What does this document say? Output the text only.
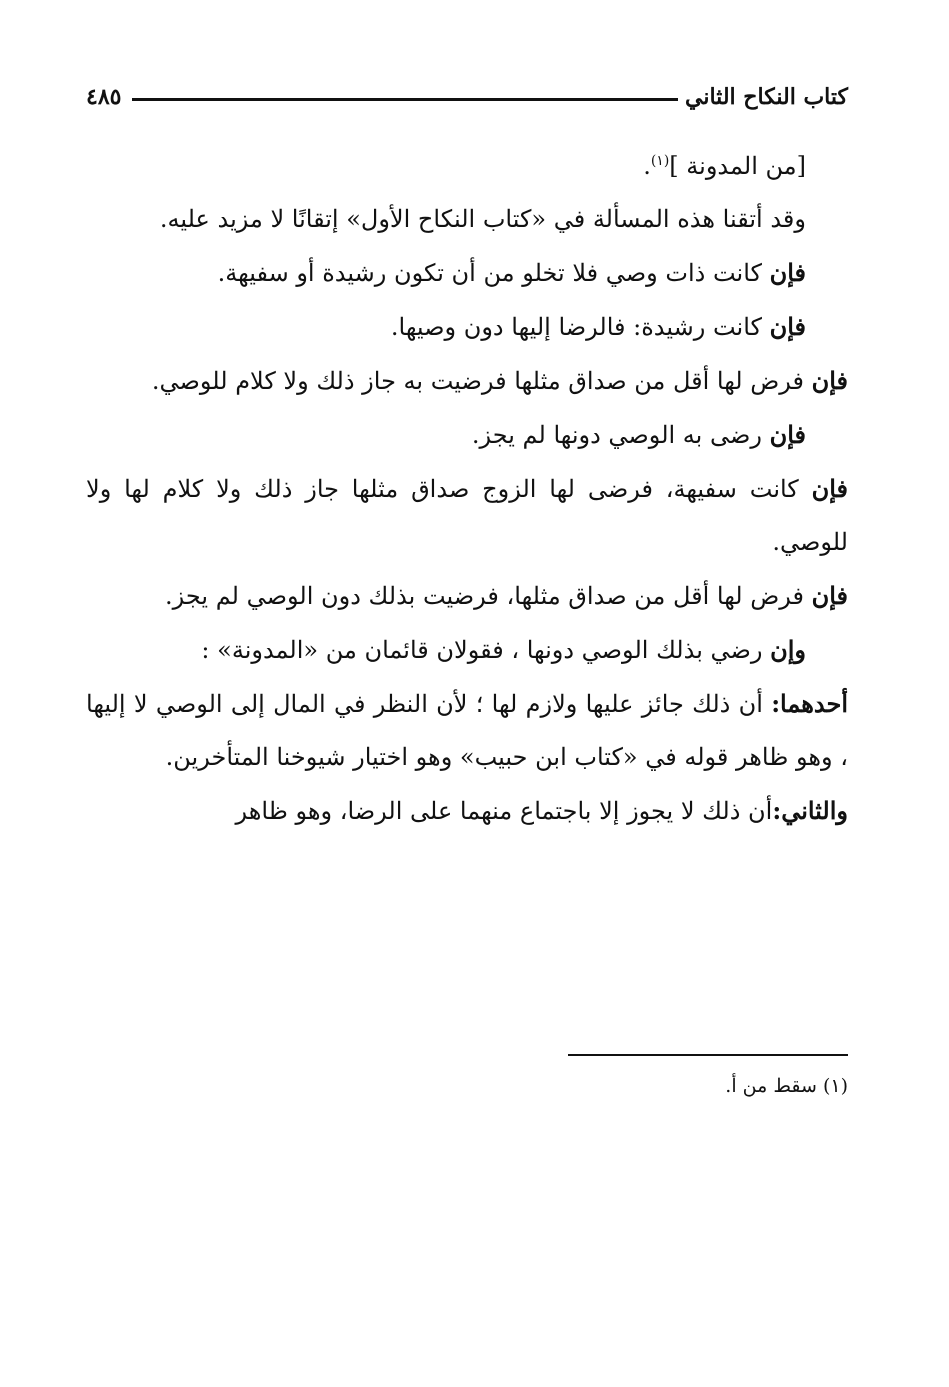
كتاب النكاح الثاني
٤٨٥

[من المدونة ]$^{(١)}$.

وقد أتقنا هذه المسألة في «كتاب النكاح الأول» إتقانًا لا مزيد عليه.

فإن كانت ذات وصي فلا تخلو من أن تكون رشيدة أو سفيهة.

فإن كانت رشيدة: فالرضا إليها دون وصيها.

فإن فرض لها أقل من صداق مثلها فرضيت به جاز ذلك ولا كلام للوصي.

فإن رضى به الوصي دونها لم يجز.

فإن كانت سفيهة، فرضى لها الزوج صداق مثلها جاز ذلك ولا كلام لها ولا للوصي.

فإن فرض لها أقل من صداق مثلها، فرضيت بذلك دون الوصي لم يجز.

وإن رضي بذلك الوصي دونها ، فقولان قائمان من «المدونة» :

أحدهما: أن ذلك جائز عليها ولازم لها ؛ لأن النظر في المال إلى الوصي لا إليها ، وهو ظاهر قوله في «كتاب ابن حبيب» وهو اختيار شيوخنا المتأخرين.

والثاني:أن ذلك لا يجوز إلا باجتماع منهما على الرضا، وهو ظاهر

(١) سقط من أ.
